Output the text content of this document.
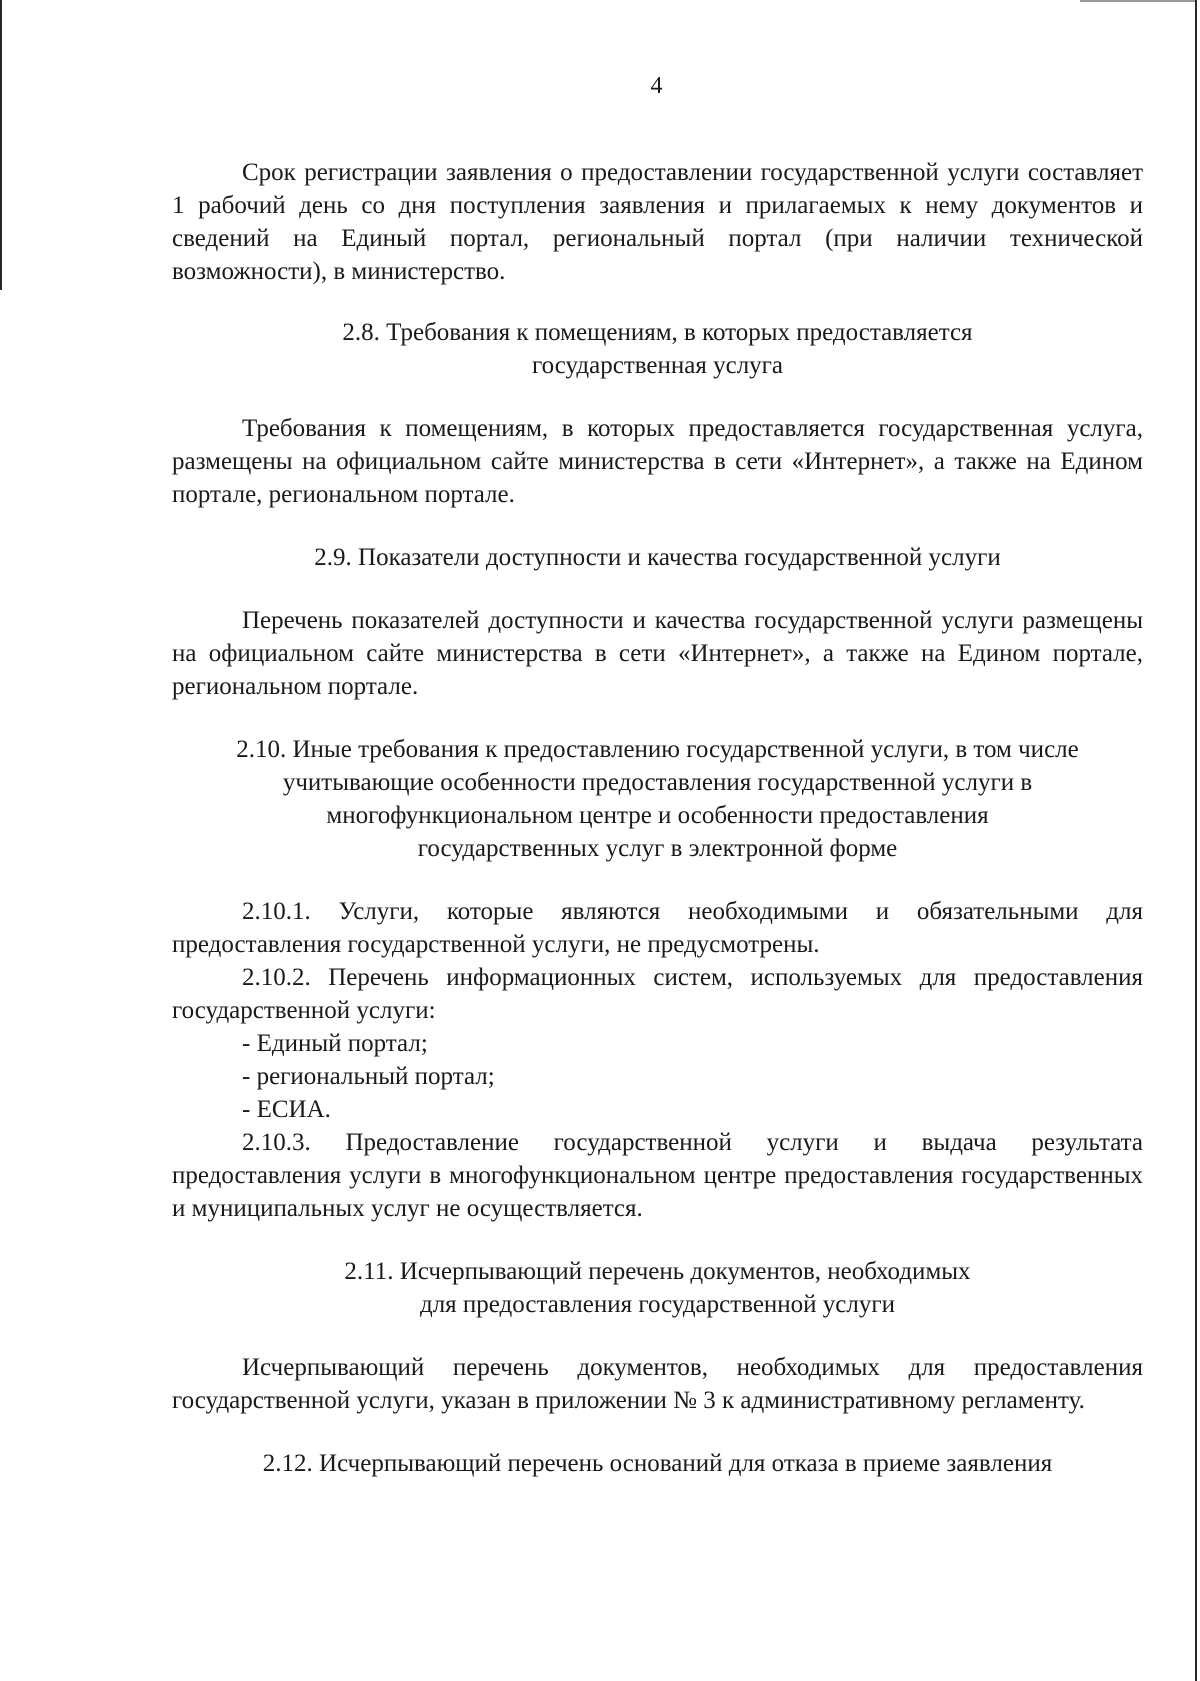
4

Срок регистрации заявления о предоставлении государственной услуги составляет 1 рабочий день со дня поступления заявления и прилагаемых к нему документов и сведений на Единый портал, региональный портал (при наличии технической возможности), в министерство.

2.8. Требования к помещениям, в которых предоставляется

государственная услуга

Требования к помещениям, в которых предоставляется государственная услуга, размещены на официальном сайте министерства в сети «Интернет», а также на Едином портале, региональном портале.

2.9. Показатели доступности и качества государственной услуги

Перечень показателей доступности и качества государственной услуги размещены на официальном сайте министерства в сети «Интернет», а также на Едином портале, региональном портале.

2.10. Иные требования к предоставлению государственной услуги, в том числе

учитывающие особенности предоставления государственной услуги в

многофункциональном центре и особенности предоставления

государственных услуг в электронной форме

2.10.1. Услуги, которые являются необходимыми и обязательными для предоставления государственной услуги, не предусмотрены.

2.10.2. Перечень информационных систем, используемых для предоставления государственной услуги:

- Единый портал;

- региональный портал;

- ЕСИА.

2.10.3. Предоставление государственной услуги и выдача результата предоставления услуги в многофункциональном центре предоставления государственных и муниципальных услуг не осуществляется.

2.11. Исчерпывающий перечень документов, необходимых

для предоставления государственной услуги

Исчерпывающий перечень документов, необходимых для предоставления государственной услуги, указан в приложении № 3 к административному регламенту.

2.12. Исчерпывающий перечень оснований для отказа в приеме заявления
